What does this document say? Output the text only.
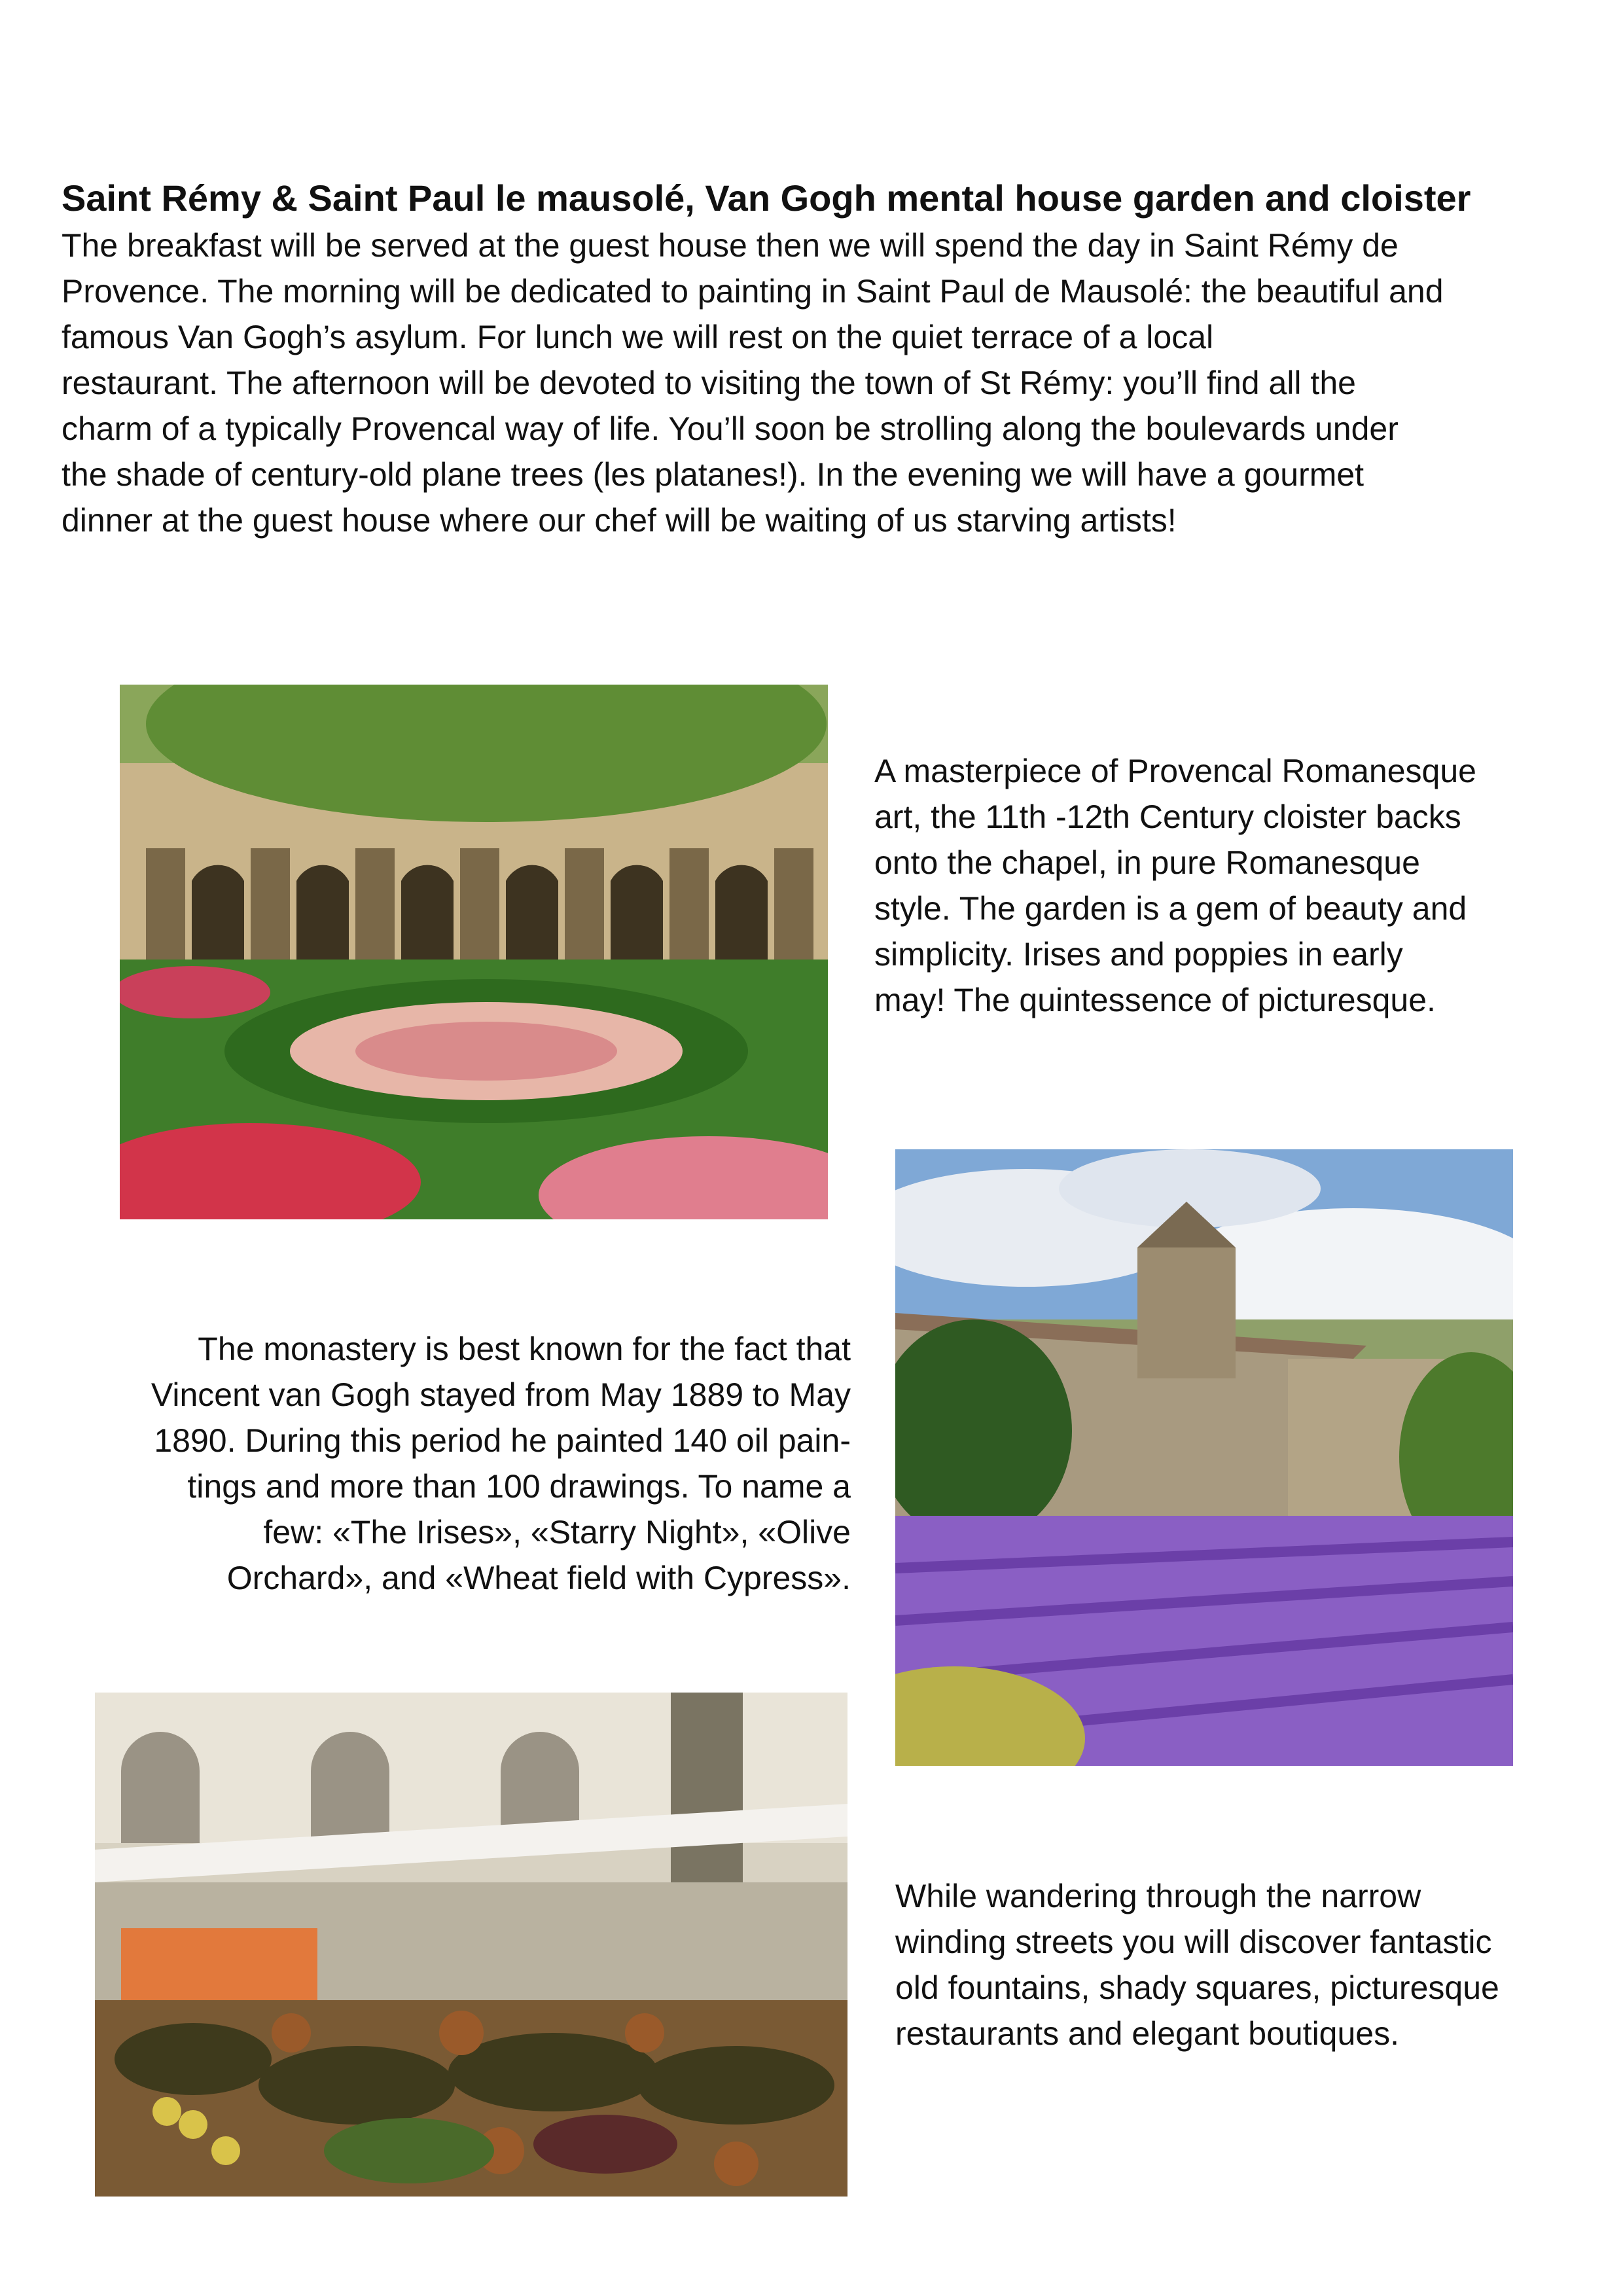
Saint Rémy & Saint Paul le mausolé, Van Gogh mental house garden and cloister
The breakfast will be served at the guest house then we will spend the day in Saint Rémy de
Provence. The morning will be dedicated to painting in Saint Paul de Mausolé: the beautiful and
famous Van Gogh’s asylum. For lunch we will rest on the quiet terrace of a local
restaurant. The afternoon will be devoted to visiting the town of St Rémy: you’ll find all the
charm of a typically Provencal way of life. You’ll soon be strolling along the boulevards under
the shade of century-old plane trees (les platanes!). In the evening we will have a gourmet
dinner at the guest house where our chef will be waiting of us starving artists!
A masterpiece of Provencal Romanesque
art, the 11th -12th Century cloister backs
onto the chapel, in pure Romanesque
style. The garden is a gem of beauty and
simplicity. Irises and poppies in early
may! The quintessence of picturesque.
The monastery is best known for the fact that
Vincent van Gogh stayed from May 1889 to May
1890. During this period he painted 140 oil pain-
tings and more than 100 drawings. To name a
few: «The Irises», «Starry Night», «Olive
Orchard», and «Wheat field with Cypress».
While wandering through the narrow
winding streets you will discover fantastic
old fountains, shady squares, picturesque
restaurants and elegant boutiques.
